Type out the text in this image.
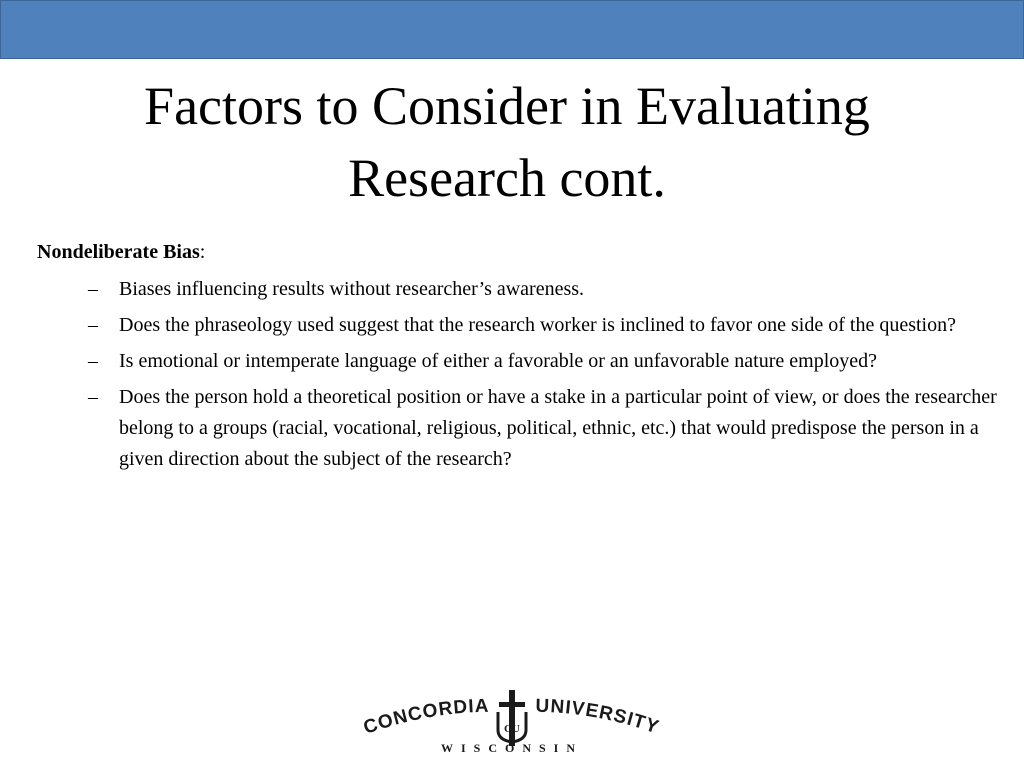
Factors to Consider in Evaluating Research cont.

Nondeliberate Bias:

– Biases influencing results without researcher’s awareness.
– Does the phraseology used suggest that the research worker is inclined to favor one side of the question?
– Is emotional or intemperate language of either a favorable or an unfavorable nature employed?
– Does the person hold a theoretical position or have a stake in a particular point of view, or does the researcher belong to a groups (racial, vocational, religious, political, ethnic, etc.) that would predispose the person in a given direction about the subject of the research?
CONCORDIA UNIVERSITY
CU
WISCONSIN
